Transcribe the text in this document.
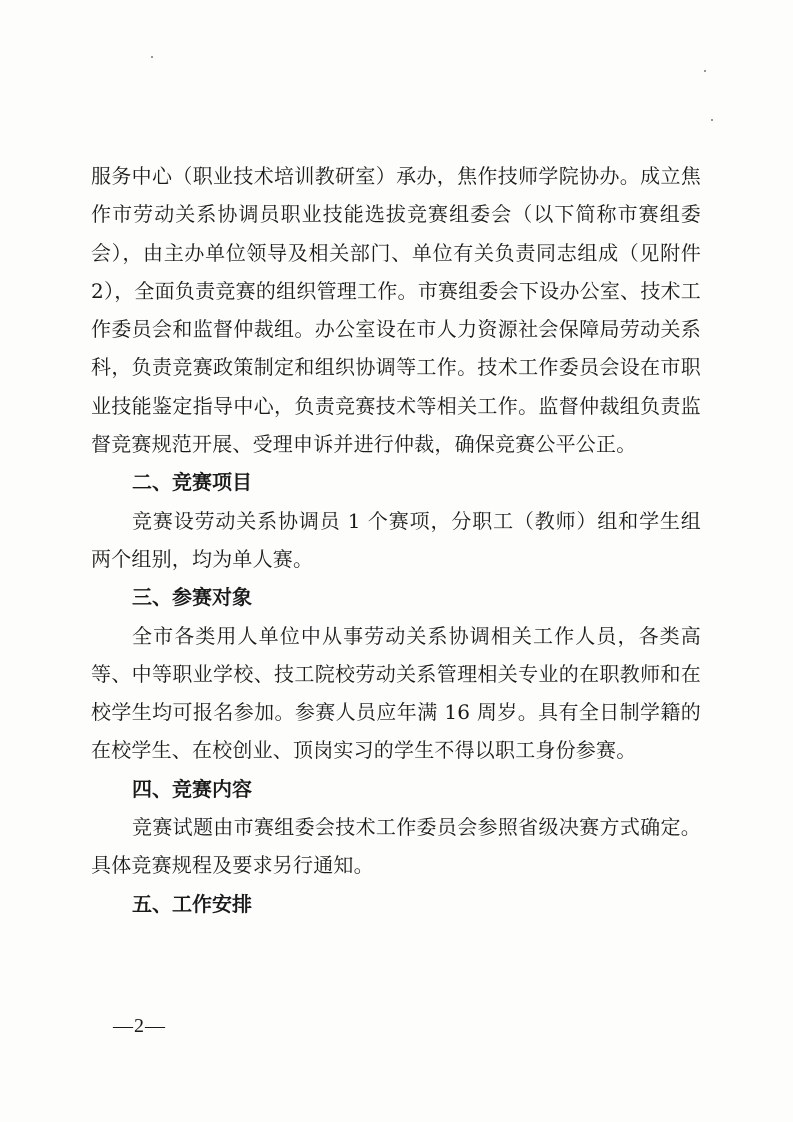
服务中心（职业技术培训教研室）承办，焦作技师学院协办。成立焦作市劳动关系协调员职业技能选拔竞赛组委会（以下简称市赛组委会），由主办单位领导及相关部门、单位有关负责同志组成（见附件2），全面负责竞赛的组织管理工作。市赛组委会下设办公室、技术工作委员会和监督仲裁组。办公室设在市人力资源社会保障局劳动关系科，负责竞赛政策制定和组织协调等工作。技术工作委员会设在市职业技能鉴定指导中心，负责竞赛技术等相关工作。监督仲裁组负责监督竞赛规范开展、受理申诉并进行仲裁，确保竞赛公平公正。

二、竞赛项目

竞赛设劳动关系协调员 1 个赛项，分职工（教师）组和学生组两个组别，均为单人赛。

三、参赛对象

全市各类用人单位中从事劳动关系协调相关工作人员，各类高等、中等职业学校、技工院校劳动关系管理相关专业的在职教师和在校学生均可报名参加。参赛人员应年满 16 周岁。具有全日制学籍的在校学生、在校创业、顶岗实习的学生不得以职工身份参赛。

四、竞赛内容

竞赛试题由市赛组委会技术工作委员会参照省级决赛方式确定。具体竞赛规程及要求另行通知。

五、工作安排

—2—
